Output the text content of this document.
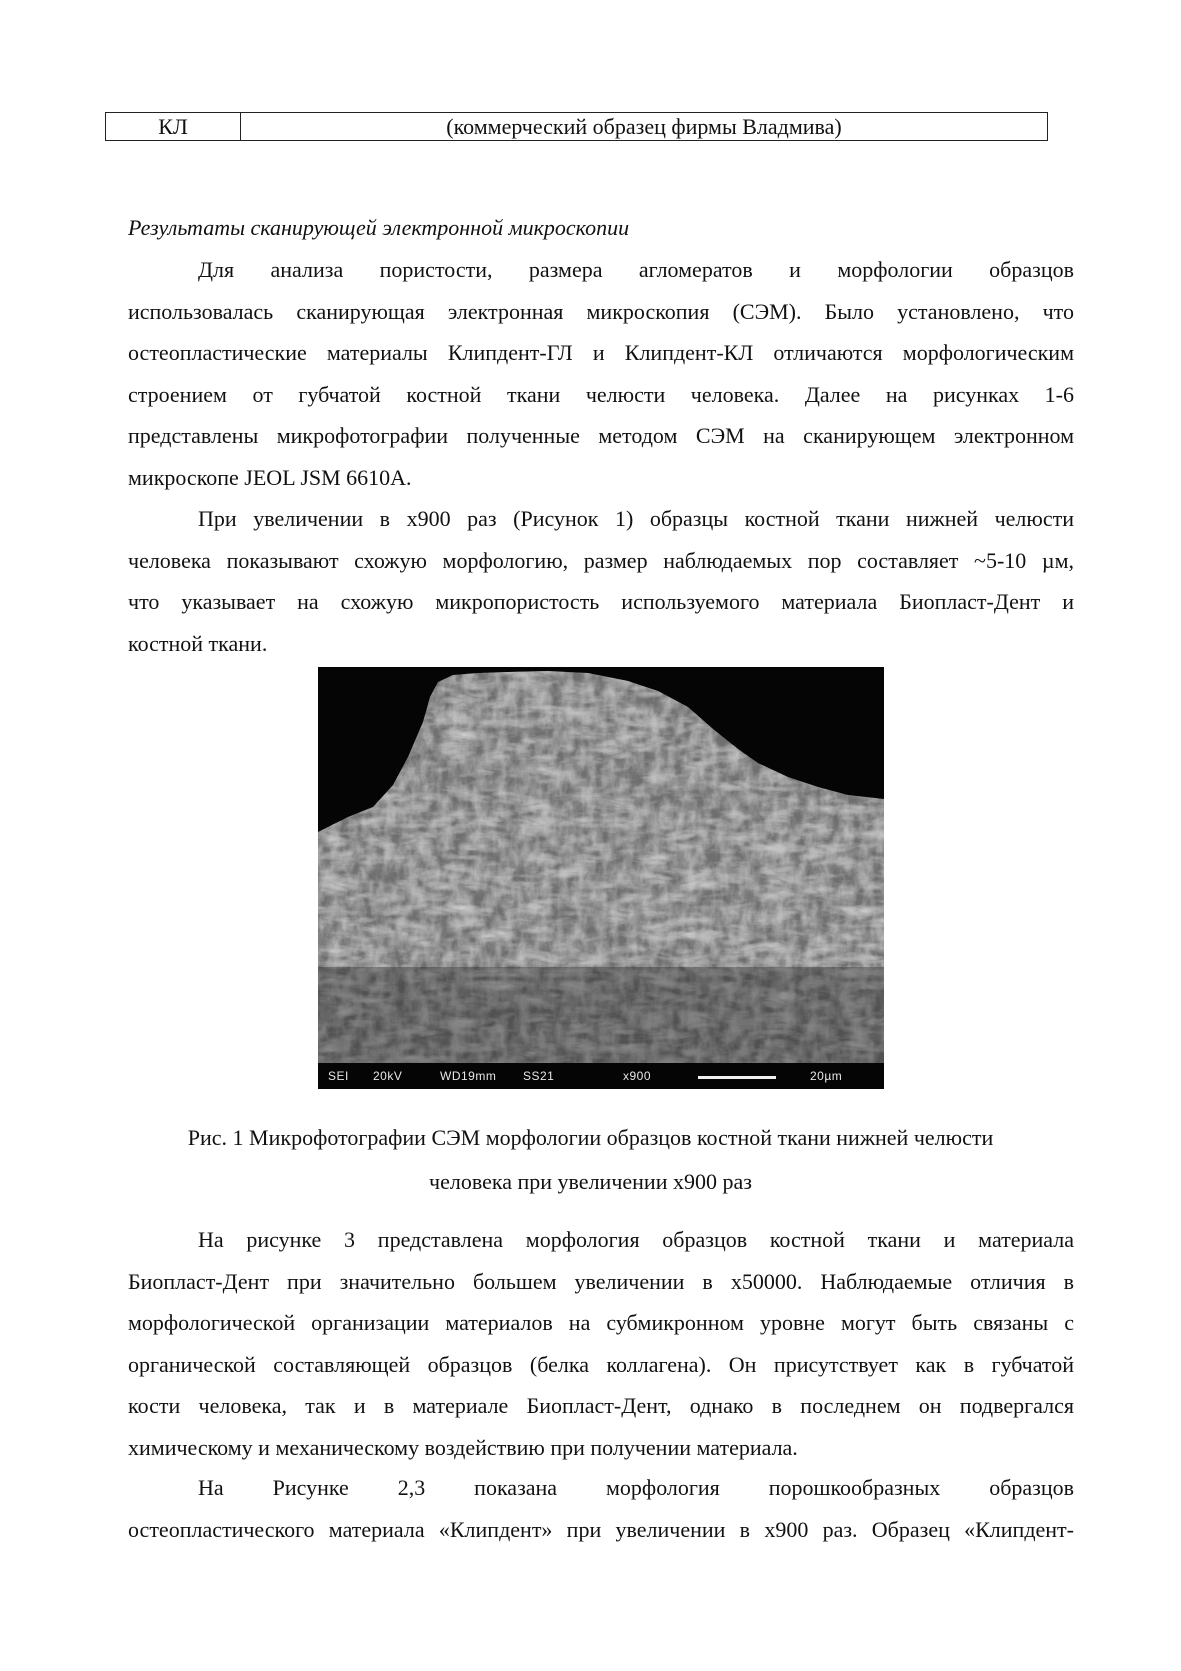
КЛ	(коммерческий образец фирмы Владмива)
Результаты сканирующей электронной микроскопии
Для анализа пористости, размера агломератов и морфологии образцов
использовалась сканирующая электронная микроскопия (СЭМ). Было установлено, что
остеопластические материалы Клипдент-ГЛ и Клипдент-КЛ отличаются морфологическим
строением от губчатой костной ткани челюсти человека. Далее на рисунках 1-6
представлены микрофотографии полученные методом СЭМ на сканирующем электронном
микроскопе JEOL JSM 6610A.
При увеличении в x900 раз (Рисунок 1) образцы костной ткани нижней челюсти
человека показывают схожую морфологию, размер наблюдаемых пор составляет ~5-10 µм,
что указывает на схожую микропористость используемого материала Биопласт-Дент и
костной ткани.
SEI 20kV	WD19mm SS21	x900	20µm
Рис. 1 Микрофотографии СЭМ морфологии образцов костной ткани нижней челюсти
человека при увеличении x900 раз
На рисунке 3 представлена морфология образцов костной ткани и материала
Биопласт-Дент при значительно большем увеличении в x50000. Наблюдаемые отличия в
морфологической организации материалов на субмикронном уровне могут быть связаны с
органической составляющей образцов (белка коллагена). Он присутствует как в губчатой
кости человека, так и в материале Биопласт-Дент, однако в последнем он подвергался
химическому и механическому воздействию при получении материала.
На Рисунке 2,3 показана морфология порошкообразных образцов
остеопластического материала «Клипдент» при увеличении в x900 раз. Образец «Клипдент-
